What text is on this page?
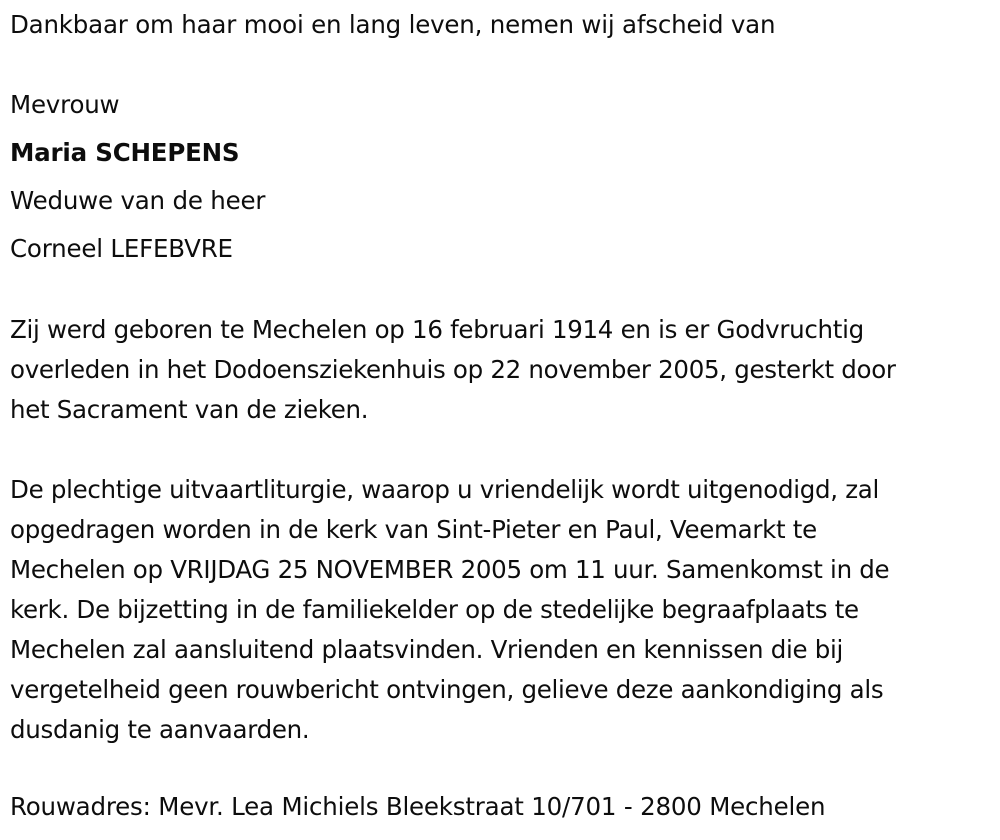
Dankbaar om haar mooi en lang leven, nemen wij afscheid van
Mevrouw
Maria SCHEPENS
Weduwe van de heer
Corneel LEFEBVRE
Zij werd geboren te Mechelen op 16 februari 1914 en is er Godvruchtig
overleden in het Dodoensziekenhuis op 22 november 2005, gesterkt door
het Sacrament van de zieken.
De plechtige uitvaartliturgie, waarop u vriendelijk wordt uitgenodigd, zal
opgedragen worden in de kerk van Sint-Pieter en Paul, Veemarkt te
Mechelen op VRIJDAG 25 NOVEMBER 2005 om 11 uur. Samenkomst in de
kerk. De bijzetting in de familiekelder op de stedelijke begraafplaats te
Mechelen zal aansluitend plaatsvinden. Vrienden en kennissen die bij
vergetelheid geen rouwbericht ontvingen, gelieve deze aankondiging als
dusdanig te aanvaarden.
Rouwadres: Mevr. Lea Michiels Bleekstraat 10/701 - 2800 Mechelen
